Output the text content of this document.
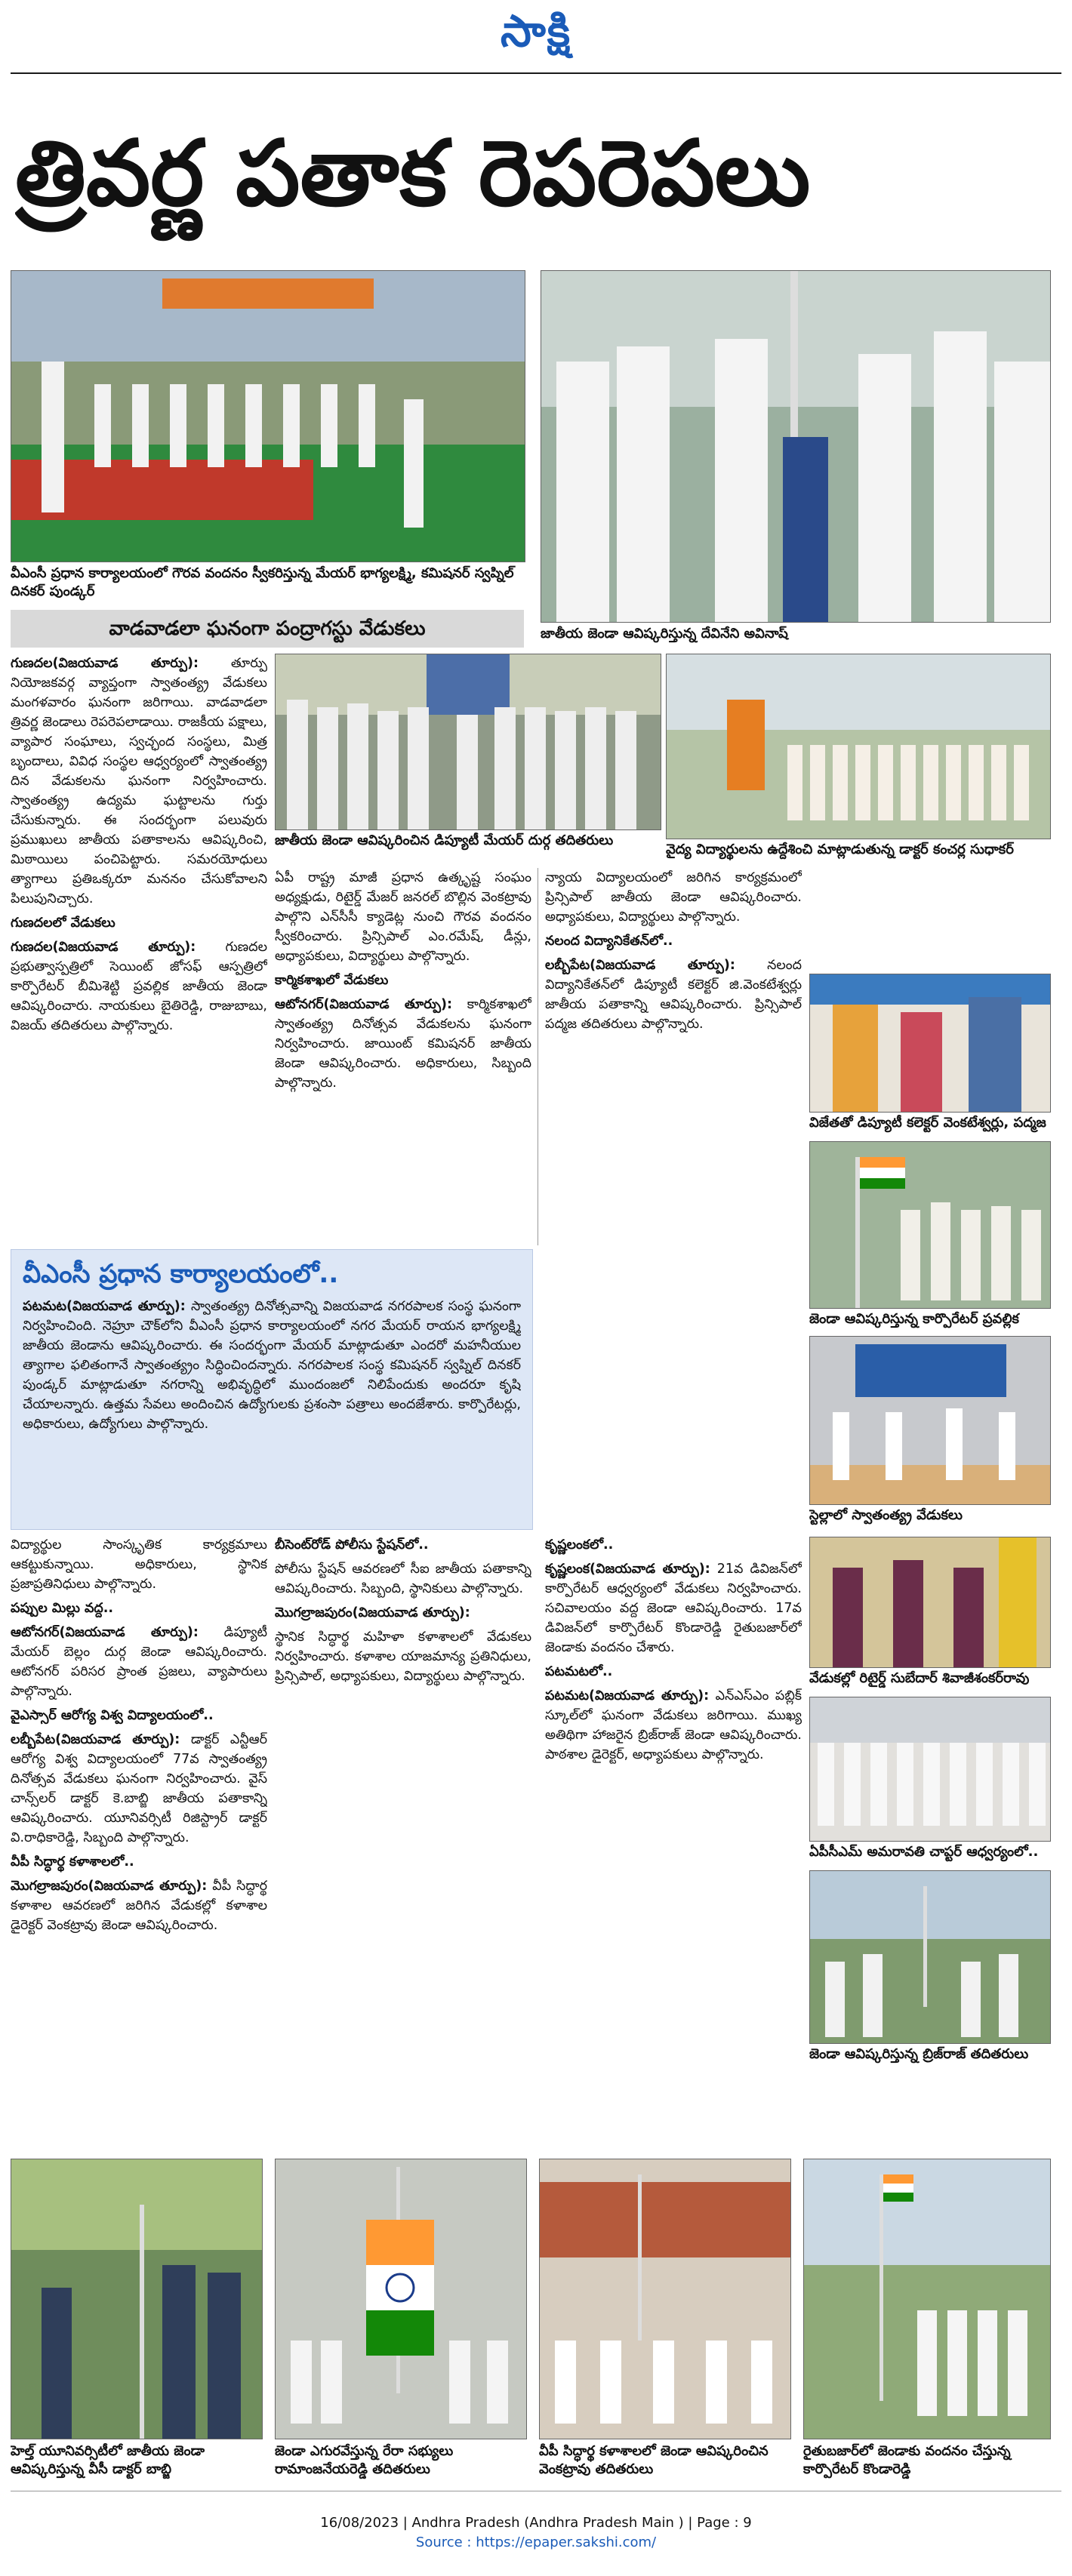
సాక్షి
త్రివర్ణ పతాక రెపరెపలు
వీఎంసీ ప్రధాన కార్యాలయంలో గౌరవ వందనం స్వీకరిస్తున్న మేయర్ భాగ్యలక్ష్మి, కమిషనర్ స్వప్నిల్ దినకర్ పుండ్కర్
జాతీయ జెండా ఆవిష్కరిస్తున్న దేవినేని అవినాష్
వాడవాడలా ఘనంగా పంద్రాగస్టు వేడుకలు
జాతీయ జెండా ఆవిష్కరించిన డిప్యూటీ మేయర్ దుర్గ తదితరులు
వైద్య విద్యార్థులను ఉద్దేశించి మాట్లాడుతున్న డాక్టర్ కంచర్ల సుధాకర్

గుణదల(విజయవాడ తూర్పు): తూర్పు నియోజకవర్గ వ్యాప్తంగా స్వాతంత్య్ర వేడుకలు మంగళవారం ఘనంగా జరిగాయి. వాడవాడలా త్రివర్ణ జెండాలు రెపరెపలాడాయి. రాజకీయ పక్షాలు, వ్యాపార సంఘాలు, స్వచ్ఛంద సంస్థలు, మిత్ర బృందాలు, వివిధ సంస్థల ఆధ్వర్యంలో స్వాతంత్య్ర దిన వేడుకలను ఘనంగా నిర్వహించారు. స్వాతంత్య్ర ఉద్యమ ఘట్టాలను గుర్తు చేసుకున్నారు. ఈ సందర్భంగా పలువురు ప్రముఖులు జాతీయ పతాకాలను ఆవిష్కరించి, మిఠాయిలు పంచిపెట్టారు. సమరయోధులు త్యాగాలు ప్రతిఒక్కరూ మననం చేసుకోవాలని పిలుపునిచ్చారు.

గుణదలలో వేడుకలు

గుణదల(విజయవాడ తూర్పు): గుణదల ప్రభుత్వాస్పత్రిలో సెయింట్ జోసఫ్ ఆస్పత్రిలో కార్పొరేటర్ బీమిశెట్టి ప్రవల్లిక జాతీయ జెండా ఆవిష్కరించారు. నాయకులు బైతిరెడ్డి, రాజుబాబు, విజయ్ తదితరులు పాల్గొన్నారు.

ఏపీ రాష్ట్ర మాజీ ప్రధాన ఉత్కృష్ట సంఘం అధ్యక్షుడు, రిటైర్డ్ మేజర్ జనరల్ బొల్లిన వెంకట్రావు పాల్గొని ఎన్‌సీసీ క్యాడెట్ల నుంచి గౌరవ వందనం స్వీకరించారు. ప్రిన్సిపాల్ ఎం.రమేష్, డీన్లు, అధ్యాపకులు, విద్యార్థులు పాల్గొన్నారు.

కార్మికశాఖలో వేడుకలు

ఆటోనగర్(విజయవాడ తూర్పు): కార్మికశాఖలో స్వాతంత్య్ర దినోత్సవ వేడుకలను ఘనంగా నిర్వహించారు. జాయింట్ కమిషనర్ జాతీయ జెండా ఆవిష్కరించారు. అధికారులు, సిబ్బంది పాల్గొన్నారు.

న్యాయ విద్యాలయంలో జరిగిన కార్యక్రమంలో ప్రిన్సిపాల్ జాతీయ జెండా ఆవిష్కరించారు. అధ్యాపకులు, విద్యార్థులు పాల్గొన్నారు.

నలంద విద్యానికేతన్‌లో..

లబ్బీపేట(విజయవాడ తూర్పు): నలంద విద్యానికేతన్‌లో డిప్యూటీ కలెక్టర్ జి.వెంకటేశ్వర్లు జాతీయ పతాకాన్ని ఆవిష్కరించారు. ప్రిన్సిపాల్ పద్మజ తదితరులు పాల్గొన్నారు.

విజేతతో డిప్యూటీ కలెక్టర్ వెంకటేశ్వర్లు, పద్మజ
జెండా ఆవిష్కరిస్తున్న కార్పొరేటర్ ప్రవల్లిక
స్టెల్లాలో స్వాతంత్య్ర వేడుకలు
వేడుకల్లో రిటైర్డ్ సుబేదార్ శివాజీశంకర్‌రావు
ఏపీసీఎమ్ అమరావతి చాప్టర్ ఆధ్వర్యంలో..
జెండా ఆవిష్కరిస్తున్న బ్రిజ్‌రాజ్ తదితరులు
వీఎంసీ ప్రధాన కార్యాలయంలో..

పటమట(విజయవాడ తూర్పు): స్వాతంత్య్ర దినోత్సవాన్ని విజయవాడ నగరపాలక సంస్థ ఘనంగా నిర్వహించింది. నెహ్రూ చౌక్‌లోని వీఎంసీ ప్రధాన కార్యాలయంలో నగర మేయర్ రాయన భాగ్యలక్ష్మి జాతీయ జెండాను ఆవిష్కరించారు. ఈ సందర్భంగా మేయర్ మాట్లాడుతూ ఎందరో మహనీయుల త్యాగాల ఫలితంగానే స్వాతంత్య్రం సిద్ధించిందన్నారు. నగరపాలక సంస్థ కమిషనర్ స్వప్నిల్ దినకర్ పుండ్కర్ మాట్లాడుతూ నగరాన్ని అభివృద్ధిలో ముందంజలో నిలిపేందుకు అందరూ కృషి చేయాలన్నారు. ఉత్తమ సేవలు అందించిన ఉద్యోగులకు ప్రశంసా పత్రాలు అందజేశారు. కార్పొరేటర్లు, అధికారులు, ఉద్యోగులు పాల్గొన్నారు.

విద్యార్థుల సాంస్కృతిక కార్యక్రమాలు ఆకట్టుకున్నాయి. అధికారులు, స్థానిక ప్రజాప్రతినిధులు పాల్గొన్నారు.

పప్పుల మిల్లు వద్ద..

ఆటోనగర్(విజయవాడ తూర్పు): డిప్యూటీ మేయర్ బెల్లం దుర్గ జెండా ఆవిష్కరించారు. ఆటోనగర్ పరిసర ప్రాంత ప్రజలు, వ్యాపారులు పాల్గొన్నారు.

వైఎస్సార్ ఆరోగ్య విశ్వ విద్యాలయంలో..

లబ్బీపేట(విజయవాడ తూర్పు): డాక్టర్ ఎన్టీఆర్ ఆరోగ్య విశ్వ విద్యాలయంలో 77వ స్వాతంత్య్ర దినోత్సవ వేడుకలు ఘనంగా నిర్వహించారు. వైస్ చాన్స్‌లర్ డాక్టర్ కె.బాబ్జి జాతీయ పతాకాన్ని ఆవిష్కరించారు. యూనివర్సిటీ రిజిస్ట్రార్ డాక్టర్ వి.రాధికారెడ్డి, సిబ్బంది పాల్గొన్నారు.

వీపీ సిద్ధార్థ కళాశాలలో..

మొగల్రాజపురం(విజయవాడ తూర్పు): వీపీ సిద్ధార్థ కళాశాల ఆవరణలో జరిగిన వేడుకల్లో కళాశాల డైరెక్టర్ వెంకట్రావు జెండా ఆవిష్కరించారు.

బీసెంట్‌రోడ్ పోలీసు స్టేషన్‌లో..

పోలీసు స్టేషన్ ఆవరణలో సీఐ జాతీయ పతాకాన్ని ఆవిష్కరించారు. సిబ్బంది, స్థానికులు పాల్గొన్నారు.

మొగల్రాజపురం(విజయవాడ తూర్పు):

స్థానిక సిద్ధార్థ మహిళా కళాశాలలో వేడుకలు నిర్వహించారు. కళాశాల యాజమాన్య ప్రతినిధులు, ప్రిన్సిపాల్, అధ్యాపకులు, విద్యార్థులు పాల్గొన్నారు.

కృష్ణలంకలో..

కృష్ణలంక(విజయవాడ తూర్పు): 21వ డివిజన్‌లో కార్పొరేటర్ ఆధ్వర్యంలో వేడుకలు నిర్వహించారు. సచివాలయం వద్ద జెండా ఆవిష్కరించారు. 17వ డివిజన్‌లో కార్పొరేటర్ కొండారెడ్డి రైతుబజార్‌లో జెండాకు వందనం చేశారు.

పటమటలో..

పటమట(విజయవాడ తూర్పు): ఎన్‌ఎస్‌ఎం పబ్లిక్ స్కూల్‌లో ఘనంగా వేడుకలు జరిగాయి. ముఖ్య అతిథిగా హాజరైన బ్రిజ్‌రాజ్ జెండా ఆవిష్కరించారు. పాఠశాల డైరెక్టర్, అధ్యాపకులు పాల్గొన్నారు.

హెల్త్ యూనివర్సిటీలో జాతీయ జెండా ఆవిష్కరిస్తున్న వీసీ డాక్టర్ బాబ్జి
జెండా ఎగురవేస్తున్న రేరా సభ్యులు రామాంజనేయరెడ్డి తదితరులు
వీపీ సిద్ధార్థ కళాశాలలో జెండా ఆవిష్కరించిన వెంకట్రావు తదితరులు
రైతుబజార్‌లో జెండాకు వందనం చేస్తున్న కార్పొరేటర్ కొండారెడ్డి
16/08/2023 | Andhra Pradesh (Andhra Pradesh Main ) | Page : 9
Source : https://epaper.sakshi.com/
